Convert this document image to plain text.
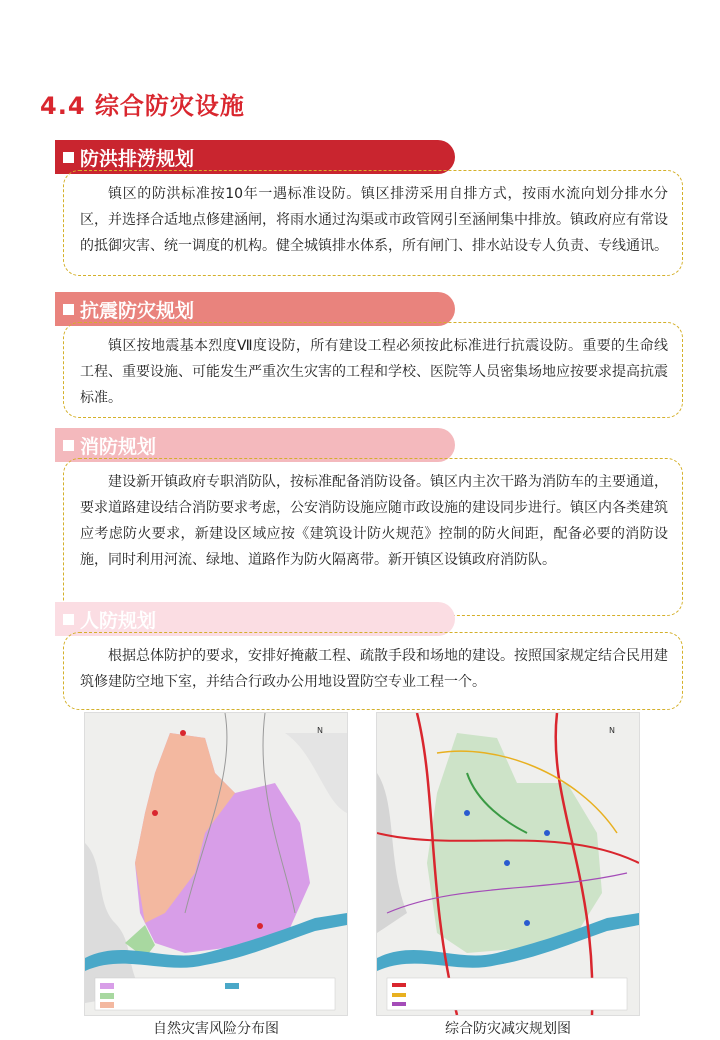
4.4 综合防灾设施
防洪排涝规划
镇区的防洪标准按10年一遇标准设防。镇区排涝采用自排方式，按雨水流向划分排水分区，并选择合适地点修建涵闸，将雨水通过沟渠或市政管网引至涵闸集中排放。镇政府应有常设的抵御灾害、统一调度的机构。健全城镇排水体系，所有闸门、排水站设专人负责、专线通讯。
抗震防灾规划
镇区按地震基本烈度Ⅶ度设防，所有建设工程必须按此标准进行抗震设防。重要的生命线工程、重要设施、可能发生严重次生灾害的工程和学校、医院等人员密集场地应按要求提高抗震标准。
消防规划
建设新开镇政府专职消防队，按标准配备消防设备。镇区内主次干路为消防车的主要通道，要求道路建设结合消防要求考虑，公安消防设施应随市政设施的建设同步进行。镇区内各类建筑应考虑防火要求，新建设区域应按《建筑设计防火规范》控制的防火间距，配备必要的消防设施，同时利用河流、绿地、道路作为防火隔离带。新开镇区设镇政府消防队。
人防规划
根据总体防护的要求，安排好掩蔽工程、疏散手段和场地的建设。按照国家规定结合民用建筑修建防空地下室，并结合行政办公用地设置防空专业工程一个。
N
自然灾害风险分布图
N
综合防灾减灾规划图
